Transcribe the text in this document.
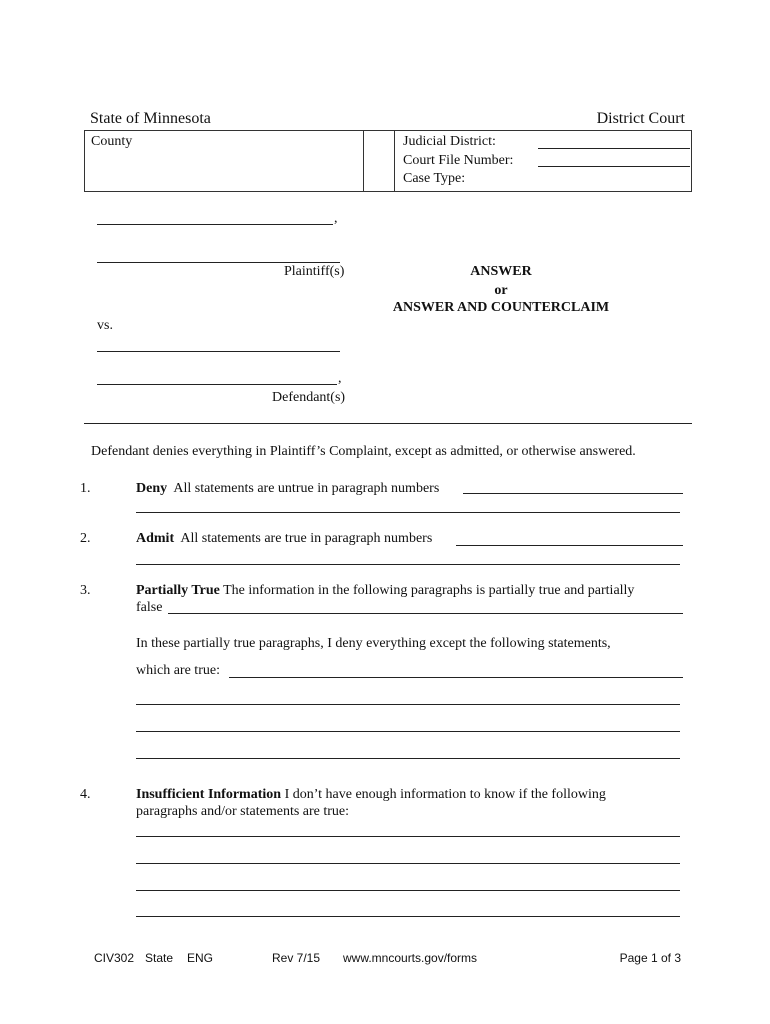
State of Minnesota	District Court
County	Judicial District:
Court File Number:
Case Type:
,
Plaintiff(s)	ANSWER
or
ANSWER AND COUNTERCLAIM
vs.
,
Defendant(s)
Defendant denies everything in Plaintiff’s Complaint, except as admitted, or otherwise answered.
1.	Deny All statements are untrue in paragraph numbers
2.	Admit All statements are true in paragraph numbers
3.	Partially True The information in the following paragraphs is partially true and partially
false
In these partially true paragraphs, I deny everything except the following statements,
which are true:
4.	Insufficient Information I don’t have enough information to know if the following
paragraphs and/or statements are true:
CIV302 State ENG	Rev 7/15 www.mncourts.gov/forms	Page 1 of 3
